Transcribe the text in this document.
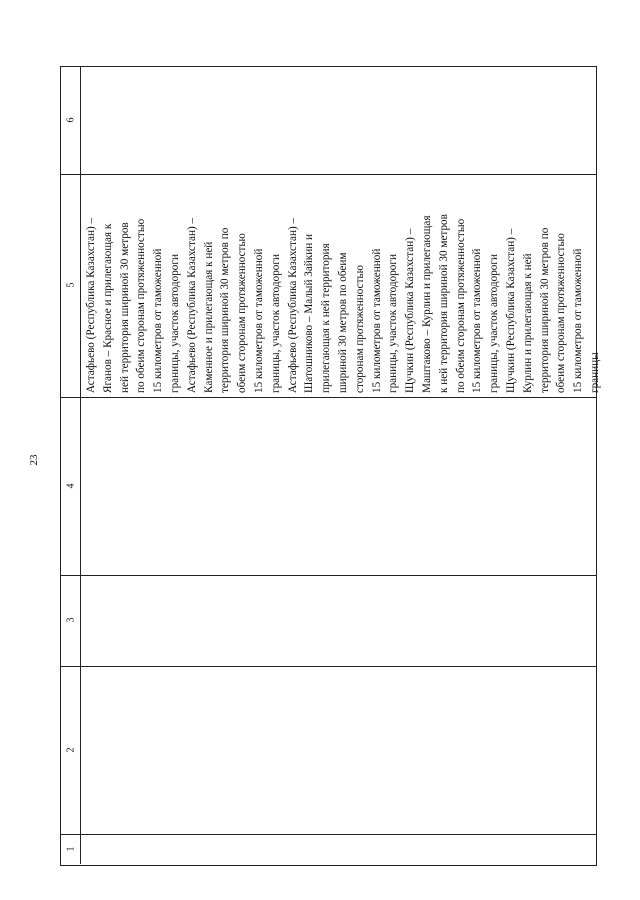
23
6
5
4
3
2
1
Астафьево (Республика Казахстан) – Яганов – Красное и прилегающая к ней территория шириной 30 метров по обеим сторонам протяженностью 15 километров от таможенной границы, участок автодороги Астафьево (Республика Казахстан) – Каменное и прилегающая к ней территория шириной 30 метров по обеим сторонам протяженностью 15 километров от таможенной границы, участок автодороги Астафьево (Республика Казахстан) – Шатошниково – Малый Зайкин и прилегающая к ней территория шириной 30 метров по обеим сторонам протяженностью 15 километров от таможенной границы, участок автодороги Щучкин (Республика Казахстан) – Маштаково – Курлин и прилегающая к ней территория шириной 30 метров по обеим сторонам протяженностью 15 километров от таможенной границы, участок автодороги Щучкин (Республика Казахстан) – Курлин и прилегающая к ней территория шириной 30 метров по обеим сторонам протяженностью 15 километров от таможенной границы
